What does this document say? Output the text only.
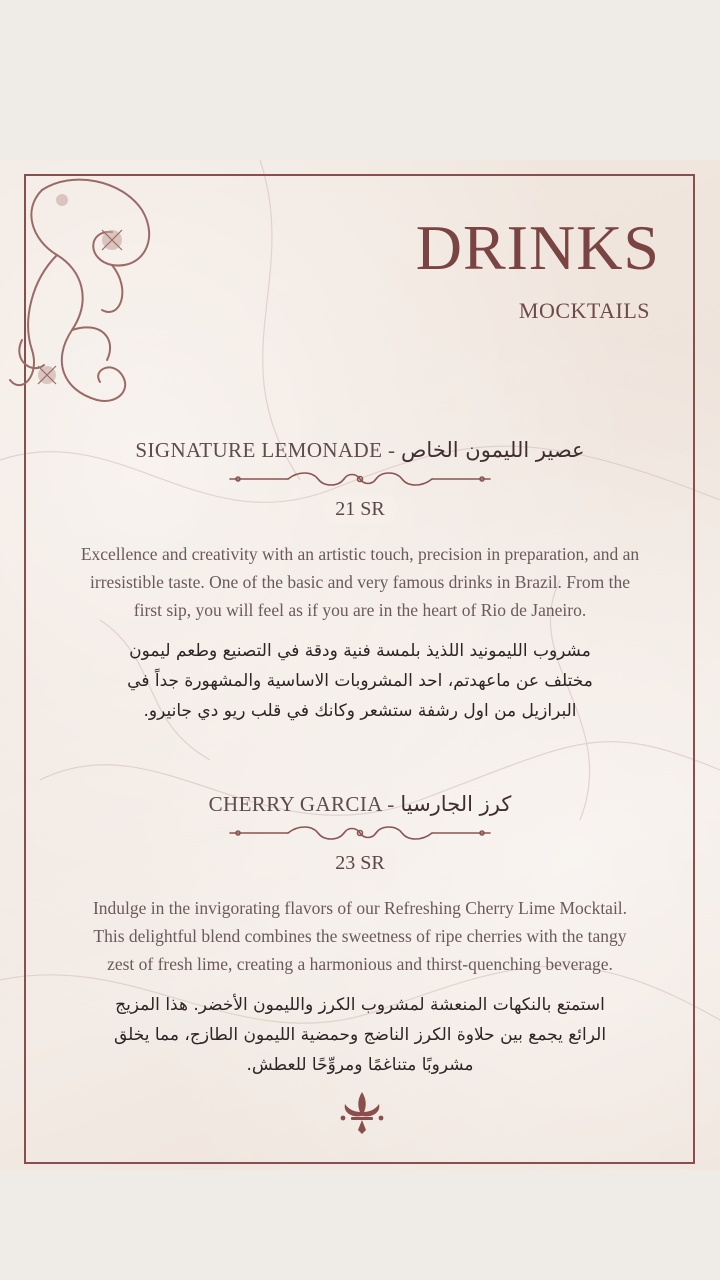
DRINKS
MOCKTAILS
SIGNATURE LEMONADE - عصير الليمون الخاص
21 SR
Excellence and creativity with an artistic touch, precision in preparation, and an irresistible taste. One of the basic and very famous drinks in Brazil. From the first sip, you will feel as if you are in the heart of Rio de Janeiro.
مشروب الليمونيد اللذيذ بلمسة فنية ودقة في التصنيع وطعم ليمون مختلف عن ماعهدتم، احد المشروبات الاساسية والمشهورة جداً في البرازيل من اول رشفة ستشعر وكانك في قلب ريو دي جانيرو.
CHERRY GARCIA - كرز الجارسيا
23 SR
Indulge in the invigorating flavors of our Refreshing Cherry Lime Mocktail. This delightful blend combines the sweetness of ripe cherries with the tangy zest of fresh lime, creating a harmonious and thirst-quenching beverage.
استمتع بالنكهات المنعشة لمشروب الكرز والليمون الأخضر. هذا المزيج الرائع يجمع بين حلاوة الكرز الناضج وحمضية الليمون الطازج، مما يخلق مشروبًا متناغمًا ومروِّحًا للعطش.
